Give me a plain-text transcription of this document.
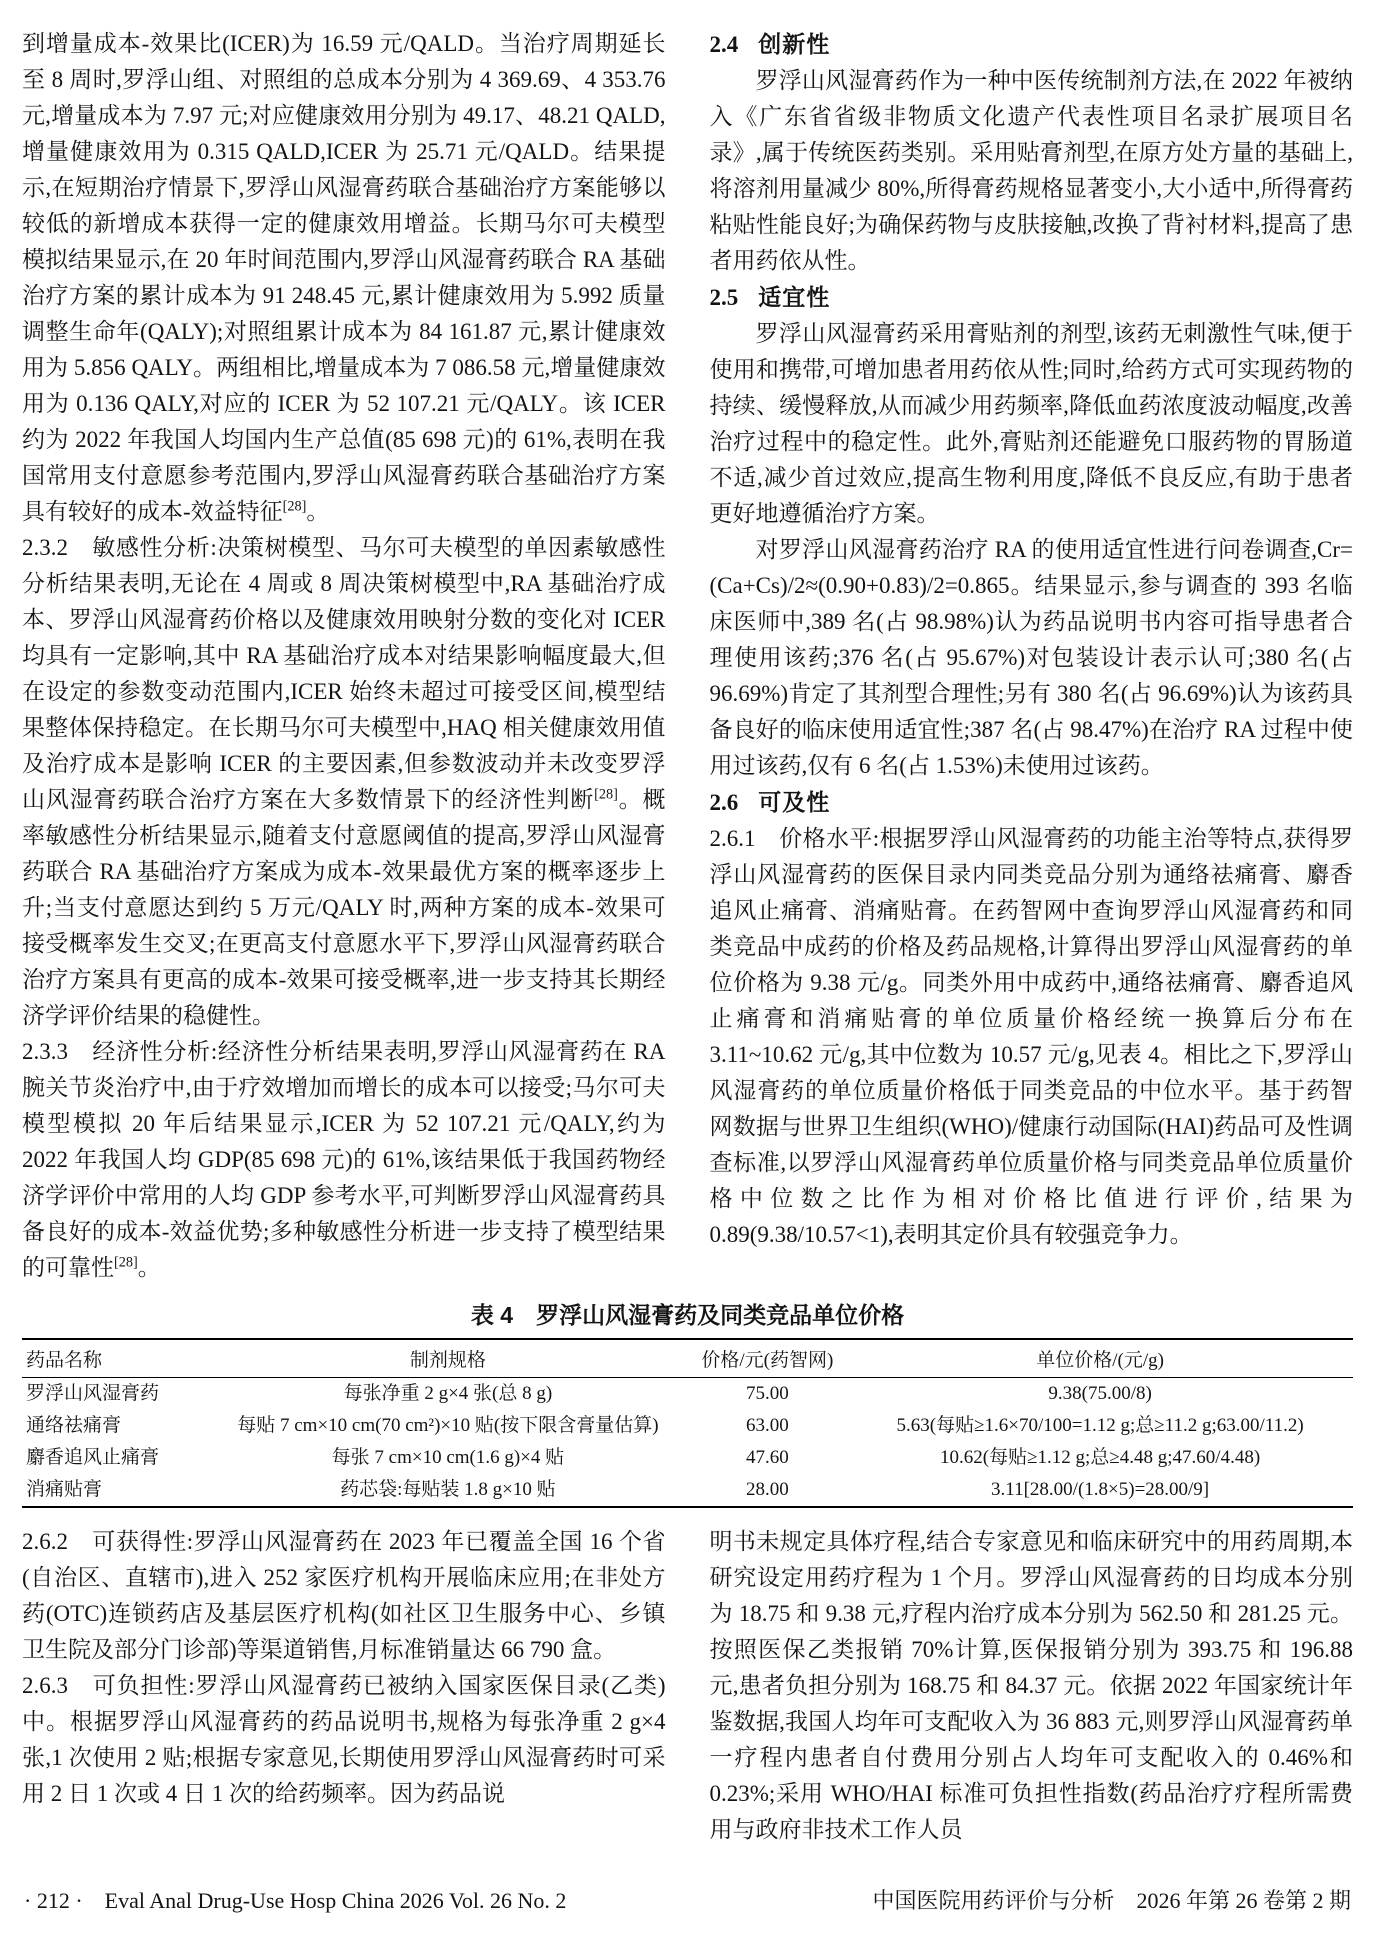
到增量成本-效果比(ICER)为 16.59 元/QALD。当治疗周期延长至 8 周时,罗浮山组、对照组的总成本分别为 4 369.69、4 353.76 元,增量成本为 7.97 元;对应健康效用分别为 49.17、48.21 QALD,增量健康效用为 0.315 QALD,ICER 为 25.71 元/QALD。结果提示,在短期治疗情景下,罗浮山风湿膏药联合基础治疗方案能够以较低的新增成本获得一定的健康效用增益。长期马尔可夫模型模拟结果显示,在 20 年时间范围内,罗浮山风湿膏药联合 RA 基础治疗方案的累计成本为 91 248.45 元,累计健康效用为 5.992 质量调整生命年(QALY);对照组累计成本为 84 161.87 元,累计健康效用为 5.856 QALY。两组相比,增量成本为 7 086.58 元,增量健康效用为 0.136 QALY,对应的 ICER 为 52 107.21 元/QALY。该 ICER 约为 2022 年我国人均国内生产总值(85 698 元)的 61%,表明在我国常用支付意愿参考范围内,罗浮山风湿膏药联合基础治疗方案具有较好的成本-效益特征[28]。

2.3.2　敏感性分析:决策树模型、马尔可夫模型的单因素敏感性分析结果表明,无论在 4 周或 8 周决策树模型中,RA 基础治疗成本、罗浮山风湿膏药价格以及健康效用映射分数的变化对 ICER 均具有一定影响,其中 RA 基础治疗成本对结果影响幅度最大,但在设定的参数变动范围内,ICER 始终未超过可接受区间,模型结果整体保持稳定。在长期马尔可夫模型中,HAQ 相关健康效用值及治疗成本是影响 ICER 的主要因素,但参数波动并未改变罗浮山风湿膏药联合治疗方案在大多数情景下的经济性判断[28]。概率敏感性分析结果显示,随着支付意愿阈值的提高,罗浮山风湿膏药联合 RA 基础治疗方案成为成本-效果最优方案的概率逐步上升;当支付意愿达到约 5 万元/QALY 时,两种方案的成本-效果可接受概率发生交叉;在更高支付意愿水平下,罗浮山风湿膏药联合治疗方案具有更高的成本-效果可接受概率,进一步支持其长期经济学评价结果的稳健性。

2.3.3　经济性分析:经济性分析结果表明,罗浮山风湿膏药在 RA 腕关节炎治疗中,由于疗效增加而增长的成本可以接受;马尔可夫模型模拟 20 年后结果显示,ICER 为 52 107.21 元/QALY,约为 2022 年我国人均 GDP(85 698 元)的 61%,该结果低于我国药物经济学评价中常用的人均 GDP 参考水平,可判断罗浮山风湿膏药具备良好的成本-效益优势;多种敏感性分析进一步支持了模型结果的可靠性[28]。

2.4 创新性

罗浮山风湿膏药作为一种中医传统制剂方法,在 2022 年被纳入《广东省省级非物质文化遗产代表性项目名录扩展项目名录》,属于传统医药类别。采用贴膏剂型,在原方处方量的基础上,将溶剂用量减少 80%,所得膏药规格显著变小,大小适中,所得膏药粘贴性能良好;为确保药物与皮肤接触,改换了背衬材料,提高了患者用药依从性。

2.5 适宜性

罗浮山风湿膏药采用膏贴剂的剂型,该药无刺激性气味,便于使用和携带,可增加患者用药依从性;同时,给药方式可实现药物的持续、缓慢释放,从而减少用药频率,降低血药浓度波动幅度,改善治疗过程中的稳定性。此外,膏贴剂还能避免口服药物的胃肠道不适,减少首过效应,提高生物利用度,降低不良反应,有助于患者更好地遵循治疗方案。

对罗浮山风湿膏药治疗 RA 的使用适宜性进行问卷调查,Cr=(Ca+Cs)/2≈(0.90+0.83)/2=0.865。结果显示,参与调查的 393 名临床医师中,389 名(占 98.98%)认为药品说明书内容可指导患者合理使用该药;376 名(占 95.67%)对包装设计表示认可;380 名(占 96.69%)肯定了其剂型合理性;另有 380 名(占 96.69%)认为该药具备良好的临床使用适宜性;387 名(占 98.47%)在治疗 RA 过程中使用过该药,仅有 6 名(占 1.53%)未使用过该药。

2.6 可及性

2.6.1　价格水平:根据罗浮山风湿膏药的功能主治等特点,获得罗浮山风湿膏药的医保目录内同类竞品分别为通络祛痛膏、麝香追风止痛膏、消痛贴膏。在药智网中查询罗浮山风湿膏药和同类竞品中成药的价格及药品规格,计算得出罗浮山风湿膏药的单位价格为 9.38 元/g。同类外用中成药中,通络祛痛膏、麝香追风止痛膏和消痛贴膏的单位质量价格经统一换算后分布在 3.11~10.62 元/g,其中位数为 10.57 元/g,见表 4。相比之下,罗浮山风湿膏药的单位质量价格低于同类竞品的中位水平。基于药智网数据与世界卫生组织(WHO)/健康行动国际(HAI)药品可及性调查标准,以罗浮山风湿膏药单位质量价格与同类竞品单位质量价格中位数之比作为相对价格比值进行评价,结果为 0.89(9.38/10.57<1),表明其定价具有较强竞争力。

表 4　罗浮山风湿膏药及同类竞品单位价格
药品名称	制剂规格	价格/元(药智网)	单位价格/(元/g)
罗浮山风湿膏药	每张净重 2 g×4 张(总 8 g)	75.00	9.38(75.00/8)
通络祛痛膏	每贴 7 cm×10 cm(70 cm²)×10 贴(按下限含膏量估算)	63.00	5.63(每贴≥1.6×70/100=1.12 g;总≥11.2 g;63.00/11.2)
麝香追风止痛膏	每张 7 cm×10 cm(1.6 g)×4 贴	47.60	10.62(每贴≥1.12 g;总≥4.48 g;47.60/4.48)
消痛贴膏	药芯袋:每贴装 1.8 g×10 贴	28.00	3.11[28.00/(1.8×5)=28.00/9]

2.6.2　可获得性:罗浮山风湿膏药在 2023 年已覆盖全国 16 个省(自治区、直辖市),进入 252 家医疗机构开展临床应用;在非处方药(OTC)连锁药店及基层医疗机构(如社区卫生服务中心、乡镇卫生院及部分门诊部)等渠道销售,月标准销量达 66 790 盒。

2.6.3　可负担性:罗浮山风湿膏药已被纳入国家医保目录(乙类)中。根据罗浮山风湿膏药的药品说明书,规格为每张净重 2 g×4 张,1 次使用 2 贴;根据专家意见,长期使用罗浮山风湿膏药时可采用 2 日 1 次或 4 日 1 次的给药频率。因为药品说

明书未规定具体疗程,结合专家意见和临床研究中的用药周期,本研究设定用药疗程为 1 个月。罗浮山风湿膏药的日均成本分别为 18.75 和 9.38 元,疗程内治疗成本分别为 562.50 和 281.25 元。按照医保乙类报销 70%计算,医保报销分别为 393.75 和 196.88 元,患者负担分别为 168.75 和 84.37 元。依据 2022 年国家统计年鉴数据,我国人均年可支配收入为 36 883 元,则罗浮山风湿膏药单一疗程内患者自付费用分别占人均年可支配收入的 0.46%和 0.23%;采用 WHO/HAI 标准可负担性指数(药品治疗疗程所需费用与政府非技术工作人员

· 212 ·　Eval Anal Drug-Use Hosp China 2026 Vol. 26 No. 2	中国医院用药评价与分析　2026 年第 26 卷第 2 期
